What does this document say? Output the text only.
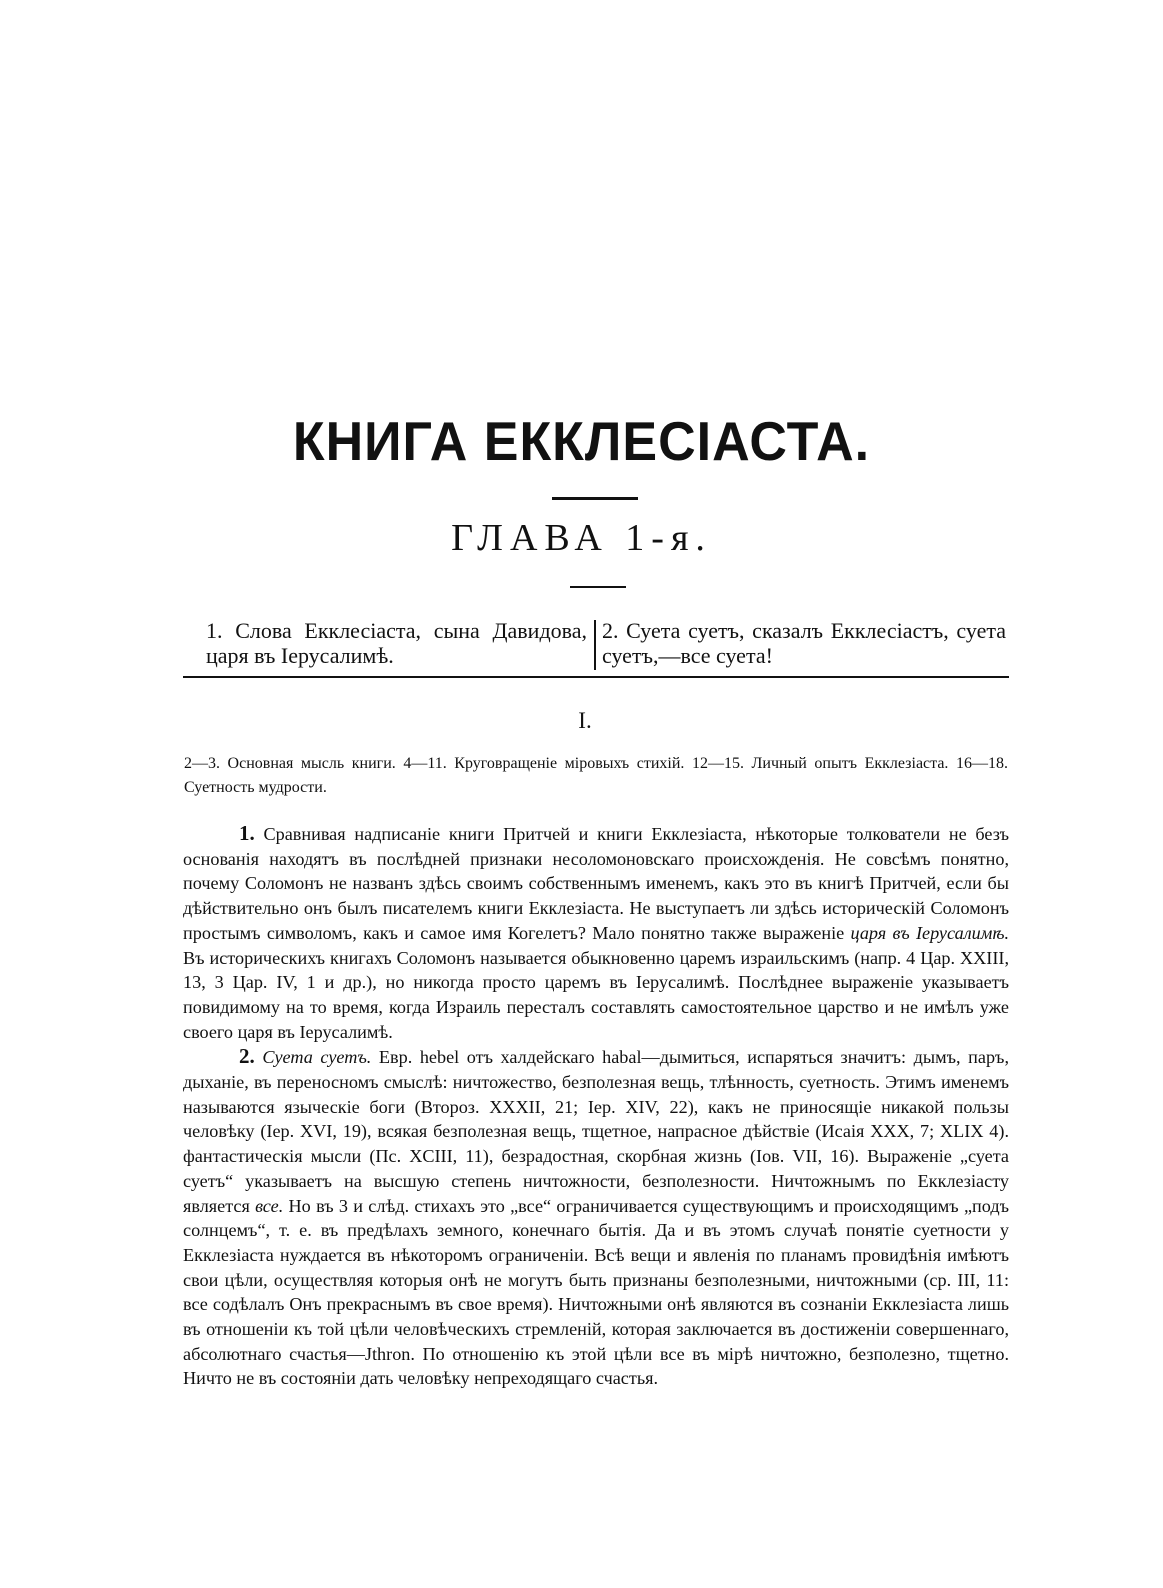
КНИГА ЕККЛЕСІАСТА.
ГЛАВА 1-я.
1. Слова Екклесіаста, сына Давидова, царя въ Іерусалимѣ.
2. Суета суетъ, сказалъ Екклесіастъ, суета суетъ,—все суета!
I.
2—3. Основная мысль книги. 4—11. Круговращеніе міровыхъ стихій. 12—15. Личный опытъ Екклезіаста. 16—18. Суетность мудрости.

1. Сравнивая надписаніе книги Притчей и книги Екклезіаста, нѣкоторые толкователи не безъ основанія находятъ въ послѣдней признаки несоломоновскаго происхожденія. Не совсѣмъ понятно, почему Соломонъ не названъ здѣсь своимъ собственнымъ именемъ, какъ это въ книгѣ Притчей, если бы дѣйствительно онъ былъ писателемъ книги Екклезіаста. Не выступаетъ ли здѣсь историческій Соломонъ простымъ символомъ, какъ и самое имя Когелетъ? Мало понятно также выраженіе царя въ Іерусалимѣ. Въ историческихъ книгахъ Соломонъ называется обыкновенно царемъ израильскимъ (напр. 4 Цар. XXIII, 13, 3 Цар. IV, 1 и др.), но никогда просто царемъ въ Іерусалимѣ. Послѣднее выраженіе указываетъ повидимому на то время, когда Израиль пересталъ составлять самостоятельное царство и не имѣлъ уже своего царя въ Іерусалимѣ.

2. Суета суетъ. Евр. hebel отъ халдейскаго habal—дымиться, испаряться значитъ: дымъ, паръ, дыханіе, въ переносномъ смыслѣ: ничтожество, безполезная вещь, тлѣнность, суетность. Этимъ именемъ называются языческіе боги (Второз. XXXII, 21; Іер. XIV, 22), какъ не приносящіе никакой пользы человѣку (Іер. XVI, 19), всякая безполезная вещь, тщетное, напрасное дѣйствіе (Исаія XXX, 7; XLIX 4). фантастическія мысли (Пс. XCIII, 11), безрадостная, скорбная жизнь (Іов. VII, 16). Выраженіе „суета суетъ“ указываетъ на высшую степень ничтожности, безполезности. Ничтожнымъ по Екклезіасту является все. Но въ 3 и слѣд. стихахъ это „все“ ограничивается существующимъ и происходящимъ „подъ солнцемъ“, т. е. въ предѣлахъ земного, конечнаго бытія. Да и въ этомъ случаѣ понятіе суетности у Екклезіаста нуждается въ нѣкоторомъ ограниченіи. Всѣ вещи и явленія по планамъ провидѣнія имѣютъ свои цѣли, осуществляя которыя онѣ не могутъ быть признаны безполезными, ничтожными (ср. III, 11: все содѣлалъ Онъ прекраснымъ въ свое время). Ничтожными онѣ являются въ сознаніи Екклезіаста лишь въ отношеніи къ той цѣли человѣческихъ стремленій, которая заключается въ достиженіи совершеннаго, абсолютнаго счастья—Jthron. По отношенію къ этой цѣли все въ мірѣ ничтожно, безполезно, тщетно. Ничто не въ состояніи дать человѣку непреходящаго счастья.
